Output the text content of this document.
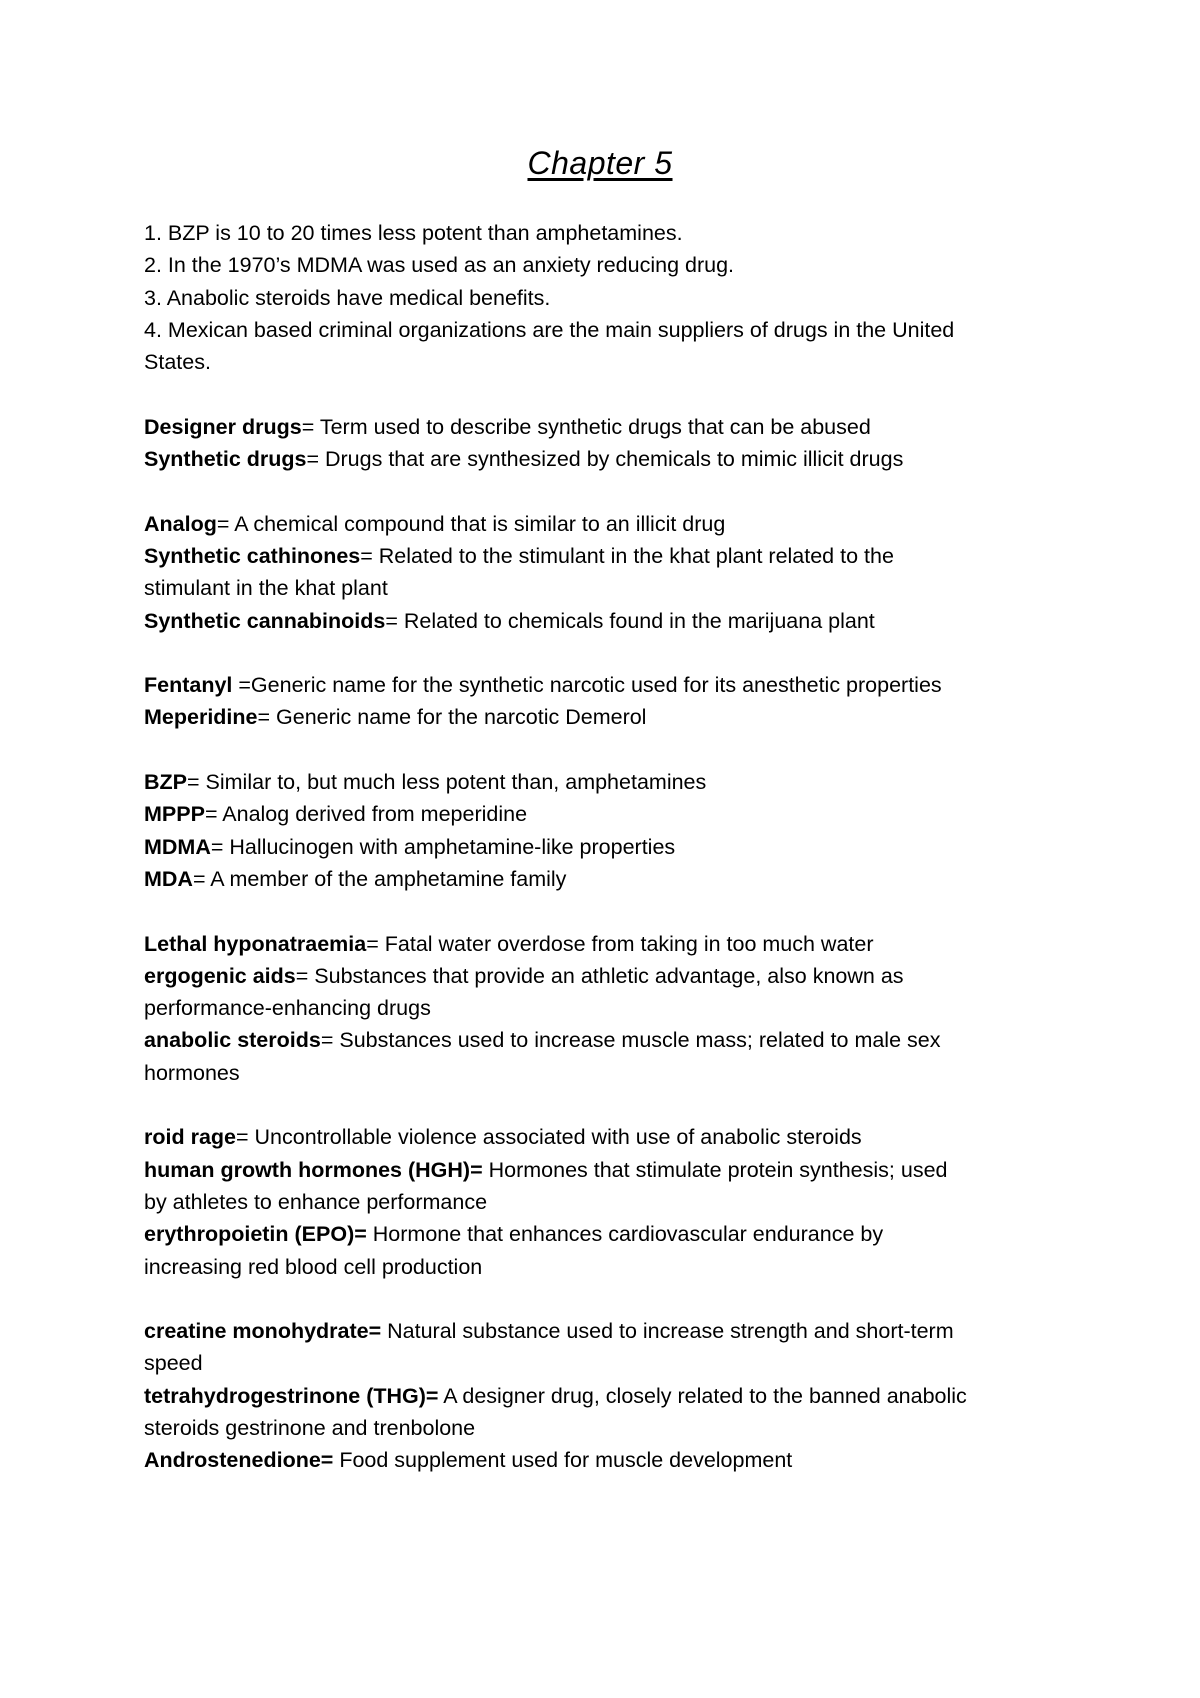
Chapter 5
1. BZP is 10 to 20 times less potent than amphetamines.
2. In the 1970’s MDMA was used as an anxiety reducing drug.
3. Anabolic steroids have medical benefits.
4. Mexican based criminal organizations are the main suppliers of drugs in the United
States.
Designer drugs= Term used to describe synthetic drugs that can be abused
Synthetic drugs= Drugs that are synthesized by chemicals to mimic illicit drugs
Analog= A chemical compound that is similar to an illicit drug
Synthetic cathinones= Related to the stimulant in the khat plant related to the
stimulant in the khat plant
Synthetic cannabinoids= Related to chemicals found in the marijuana plant
Fentanyl =Generic name for the synthetic narcotic used for its anesthetic properties
Meperidine= Generic name for the narcotic Demerol
BZP= Similar to, but much less potent than, amphetamines
MPPP= Analog derived from meperidine
MDMA= Hallucinogen with amphetamine-like properties
MDA= A member of the amphetamine family
Lethal hyponatraemia= Fatal water overdose from taking in too much water
ergogenic aids= Substances that provide an athletic advantage, also known as
performance-enhancing drugs
anabolic steroids= Substances used to increase muscle mass; related to male sex
hormones
roid rage= Uncontrollable violence associated with use of anabolic steroids
human growth hormones (HGH)= Hormones that stimulate protein synthesis; used
by athletes to enhance performance
erythropoietin (EPO)= Hormone that enhances cardiovascular endurance by
increasing red blood cell production
creatine monohydrate= Natural substance used to increase strength and short-term
speed
tetrahydrogestrinone (THG)= A designer drug, closely related to the banned anabolic
steroids gestrinone and trenbolone
Androstenedione= Food supplement used for muscle development
